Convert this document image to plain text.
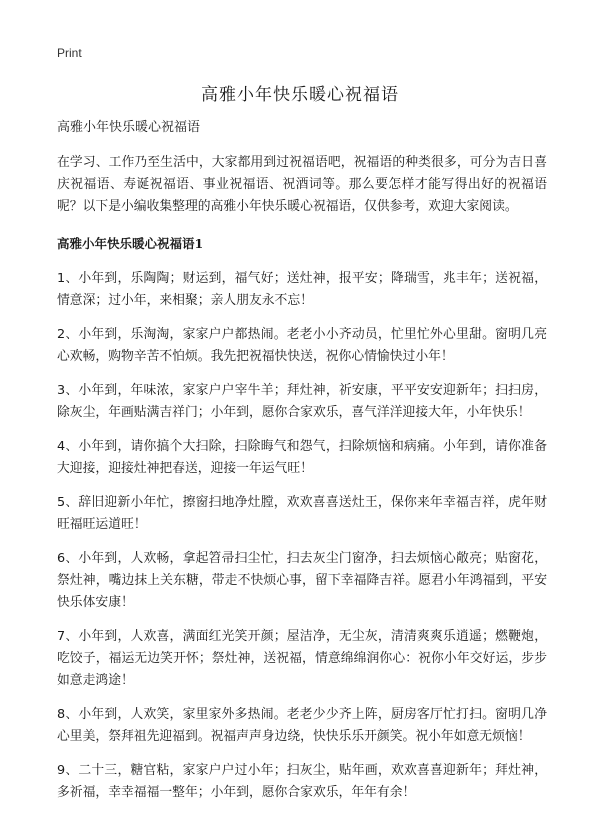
Print
高雅小年快乐暖心祝福语
高雅小年快乐暖心祝福语

在学习、工作乃至生活中，大家都用到过祝福语吧，祝福语的种类很多，可分为吉日喜庆祝福语、寿诞祝福语、事业祝福语、祝酒词等。那么要怎样才能写得出好的祝福语呢？以下是小编收集整理的高雅小年快乐暖心祝福语，仅供参考，欢迎大家阅读。

高雅小年快乐暖心祝福语1

1、小年到，乐陶陶；财运到，福气好；送灶神，报平安；降瑞雪，兆丰年；送祝福，情意深；过小年，来相聚；亲人朋友永不忘！

2、小年到，乐淘淘，家家户户都热闹。老老小小齐动员，忙里忙外心里甜。窗明几亮心欢畅，购物辛苦不怕烦。我先把祝福快快送，祝你心情愉快过小年！

3、小年到，年味浓，家家户户宰牛羊；拜灶神，祈安康，平平安安迎新年；扫扫房，除灰尘，年画贴满吉祥门；小年到，愿你合家欢乐，喜气洋洋迎接大年，小年快乐！

4、小年到，请你搞个大扫除，扫除晦气和怨气，扫除烦恼和病痛。小年到，请你准备大迎接，迎接灶神把春送，迎接一年运气旺！

5、辞旧迎新小年忙，擦窗扫地净灶膛，欢欢喜喜送灶王，保你来年幸福吉祥，虎年财旺福旺运道旺！

6、小年到，人欢畅，拿起笤帚扫尘忙，扫去灰尘门窗净，扫去烦恼心敞亮；贴窗花，祭灶神，嘴边抹上关东糖，带走不快烦心事，留下幸福降吉祥。愿君小年鸿福到，平安快乐体安康！

7、小年到，人欢喜，满面红光笑开颜；屋洁净，无尘灰，清清爽爽乐逍遥；燃鞭炮，吃饺子，福运无边笑开怀；祭灶神，送祝福，情意绵绵润你心：祝你小年交好运，步步如意走鸿途！

8、小年到，人欢笑，家里家外多热闹。老老少少齐上阵，厨房客厅忙打扫。窗明几净心里美，祭拜祖先迎福到。祝福声声身边绕，快快乐乐开颜笑。祝小年如意无烦恼！

9、二十三，糖官粘，家家户户过小年；扫灰尘，贴年画，欢欢喜喜迎新年；拜灶神，多祈福，幸幸福福一整年；小年到，愿你合家欢乐，年年有余！
